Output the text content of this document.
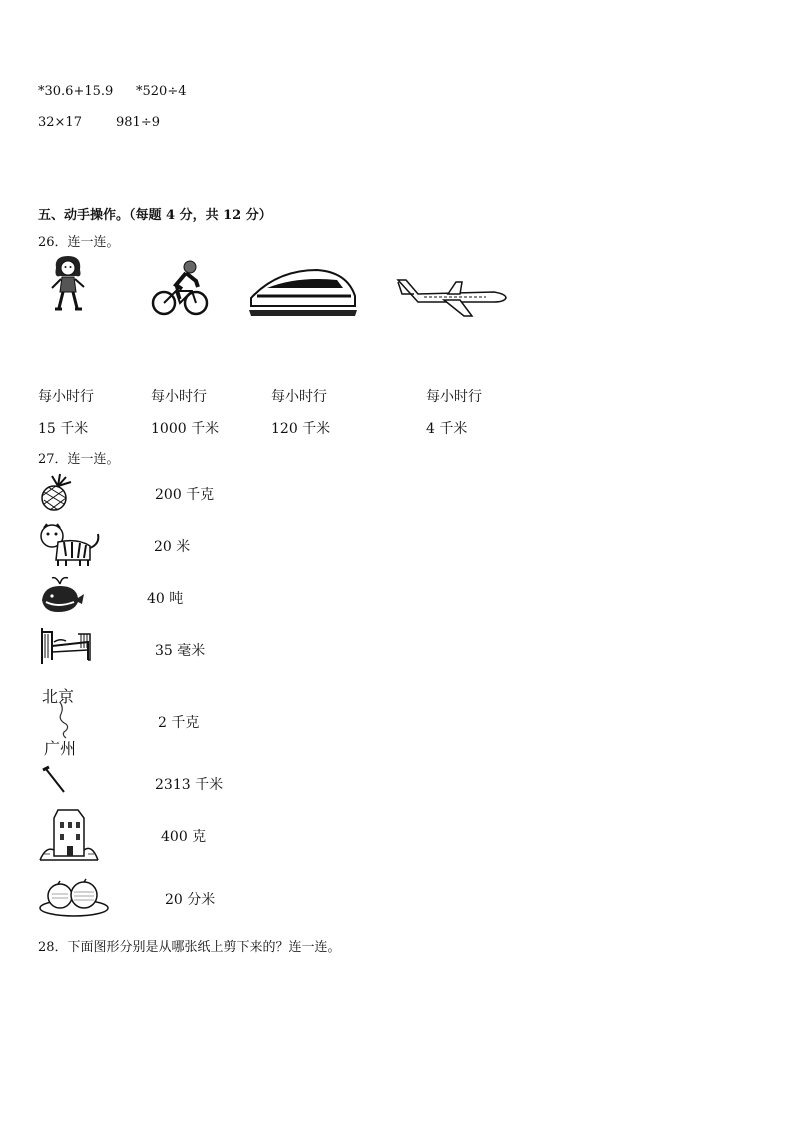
*30.6+15.9 *520÷4
32×17	981÷9
五、动手操作。（每题 4 分，共 12 分）
26．连一连。
每小时行
15 千米
每小时行
1000 千米
每小时行
120 千米
每小时行
4 千米
27．连一连。
200 千克
20 米
40 吨
35 毫米
北京
广州
2 千克
2313 千米
400 克
20 分米
28．下面图形分别是从哪张纸上剪下来的？连一连。
